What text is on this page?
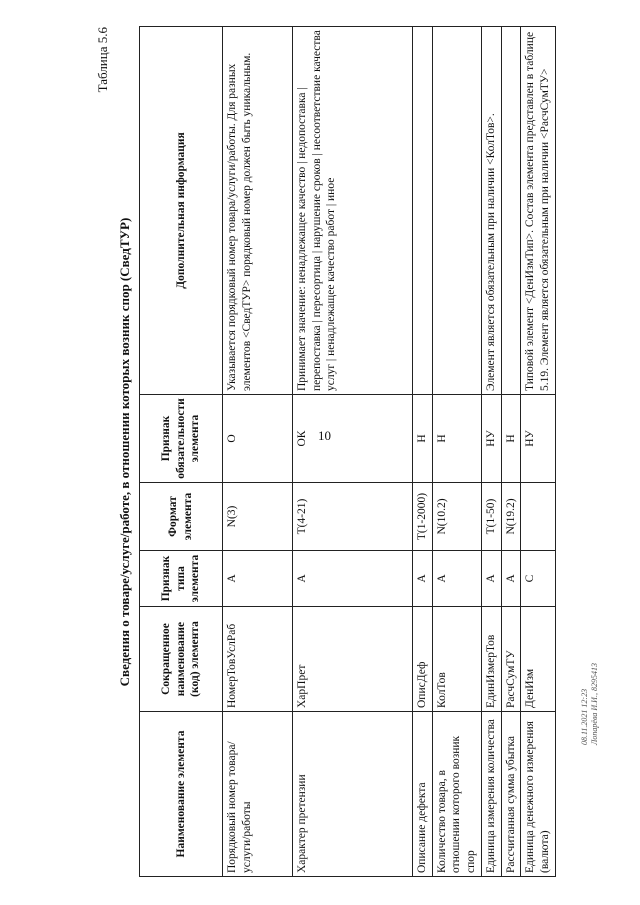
10
Таблица 5.6
Сведения о товаре/услуге/работе, в отношении которых возник спор (СведТУР)
Наименование элемента	Сокращенное наименование (код) элемента	Признак типа элемента	Формат элемента	Признак обязательности элемента	Дополнительная информация
Порядковый номер товара/услуги/работы	НомерТовУслРаб	А	N(3)	О	Указывается порядковый номер товара/услуги/работы. Для разных элементов <СведТУР> порядковый номер должен быть уникальным.
Характер претензии	ХарПрет	А	T(4-21)	ОК	Принимает значение: ненадлежащее качество | недопоставка | перепоставка | пересортица | нарушение сроков | несоответствие качества услуг | ненадлежащее качество работ | иное
Описание дефекта	ОписДеф	А	T(1-2000)	Н	
Количество товара, в отношении которого возник спор	КолТов	А	N(10.2)	Н	
Единица измерения количества	ЕдинИзмерТов	А	T(1-50)	НУ	Элемент является обязательным при наличии <КолТов>.
Рассчитанная сумма убытка	РасчСумТУ	А	N(19.2)	Н	
Единица денежного измерения (валюта)	ДенИзм	С		НУ	Типовой элемент <ДенИзмТип>. Состав элемента представлен в таблице 5.19. Элемент является обязательным при наличии <РасчСумТУ>
08.11.2021 12:23 Лопарёва И.И., 8295413
